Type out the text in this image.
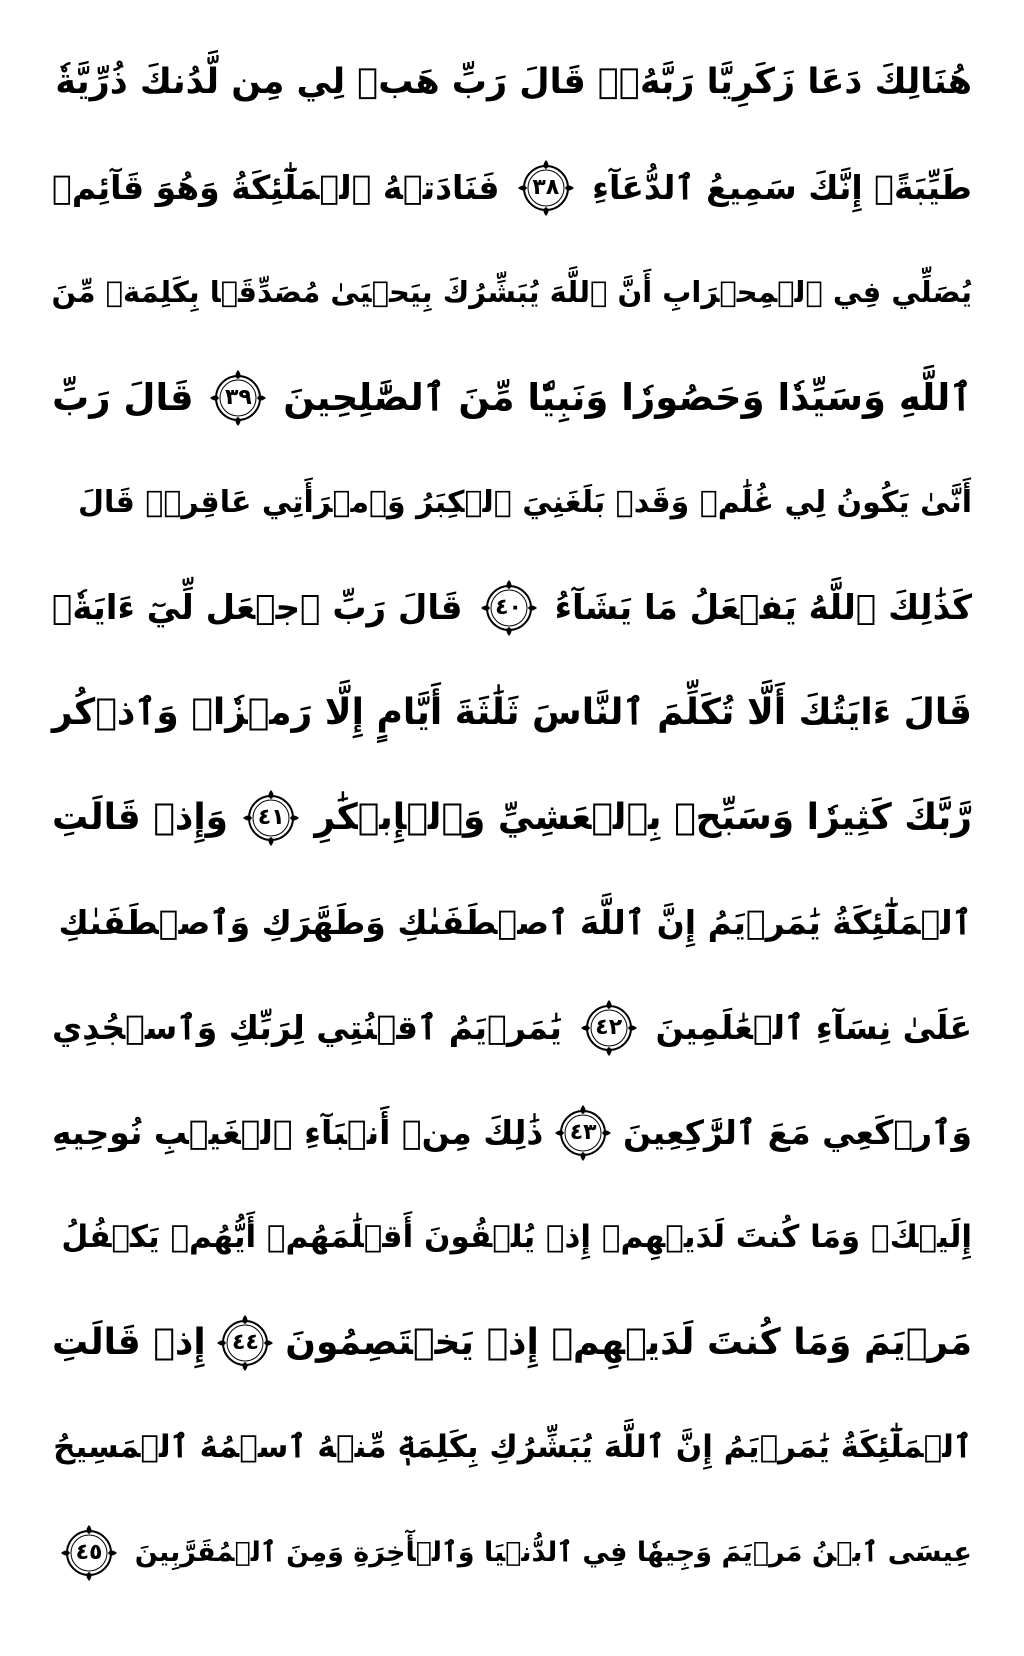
هُنَالِكَ دَعَا زَكَرِيَّا رَبَّهُۥۖ قَالَ رَبِّ هَبۡ لِي مِن لَّدُنكَ ذُرِّيَّةٗ
طَيِّبَةًۖ إِنَّكَ سَمِيعُ ٱلدُّعَآءِ
٣٨
فَنَادَتۡهُ ٱلۡمَلَٰٓئِكَةُ وَهُوَ قَآئِمٞ
يُصَلِّي فِي ٱلۡمِحۡرَابِ أَنَّ ٱللَّهَ يُبَشِّرُكَ بِيَحۡيَىٰ مُصَدِّقَۢا بِكَلِمَةٖ مِّنَ
ٱللَّهِ وَسَيِّدٗا وَحَصُورٗا وَنَبِيّٗا مِّنَ ٱلصَّٰلِحِينَ
٣٩
قَالَ رَبِّ
أَنَّىٰ يَكُونُ لِي غُلَٰمٞ وَقَدۡ بَلَغَنِيَ ٱلۡكِبَرُ وَٱمۡرَأَتِي عَاقِرٞۖ قَالَ
كَذَٰلِكَ ٱللَّهُ يَفۡعَلُ مَا يَشَآءُ
٤٠
قَالَ رَبِّ ٱجۡعَل لِّيٓ ءَايَةٗۖ
قَالَ ءَايَتُكَ أَلَّا تُكَلِّمَ ٱلنَّاسَ ثَلَٰثَةَ أَيَّامٍ إِلَّا رَمۡزٗاۗ وَٱذۡكُر
رَّبَّكَ كَثِيرٗا وَسَبِّحۡ بِٱلۡعَشِيِّ وَٱلۡإِبۡكَٰرِ
٤١
وَإِذۡ قَالَتِ
ٱلۡمَلَٰٓئِكَةُ يَٰمَرۡيَمُ إِنَّ ٱللَّهَ ٱصۡطَفَىٰكِ وَطَهَّرَكِ وَٱصۡطَفَىٰكِ
عَلَىٰ نِسَآءِ ٱلۡعَٰلَمِينَ
٤٢
يَٰمَرۡيَمُ ٱقۡنُتِي لِرَبِّكِ وَٱسۡجُدِي
وَٱرۡكَعِي مَعَ ٱلرَّٰكِعِينَ
٤٣
ذَٰلِكَ مِنۡ أَنۢبَآءِ ٱلۡغَيۡبِ نُوحِيهِ
إِلَيۡكَۚ وَمَا كُنتَ لَدَيۡهِمۡ إِذۡ يُلۡقُونَ أَقۡلَٰمَهُمۡ أَيُّهُمۡ يَكۡفُلُ
مَرۡيَمَ وَمَا كُنتَ لَدَيۡهِمۡ إِذۡ يَخۡتَصِمُونَ
٤٤
إِذۡ قَالَتِ
ٱلۡمَلَٰٓئِكَةُ يَٰمَرۡيَمُ إِنَّ ٱللَّهَ يُبَشِّرُكِ بِكَلِمَةٖ مِّنۡهُ ٱسۡمُهُ ٱلۡمَسِيحُ
عِيسَى ٱبۡنُ مَرۡيَمَ وَجِيهٗا فِي ٱلدُّنۡيَا وَٱلۡأٓخِرَةِ وَمِنَ ٱلۡمُقَرَّبِينَ
٤٥
